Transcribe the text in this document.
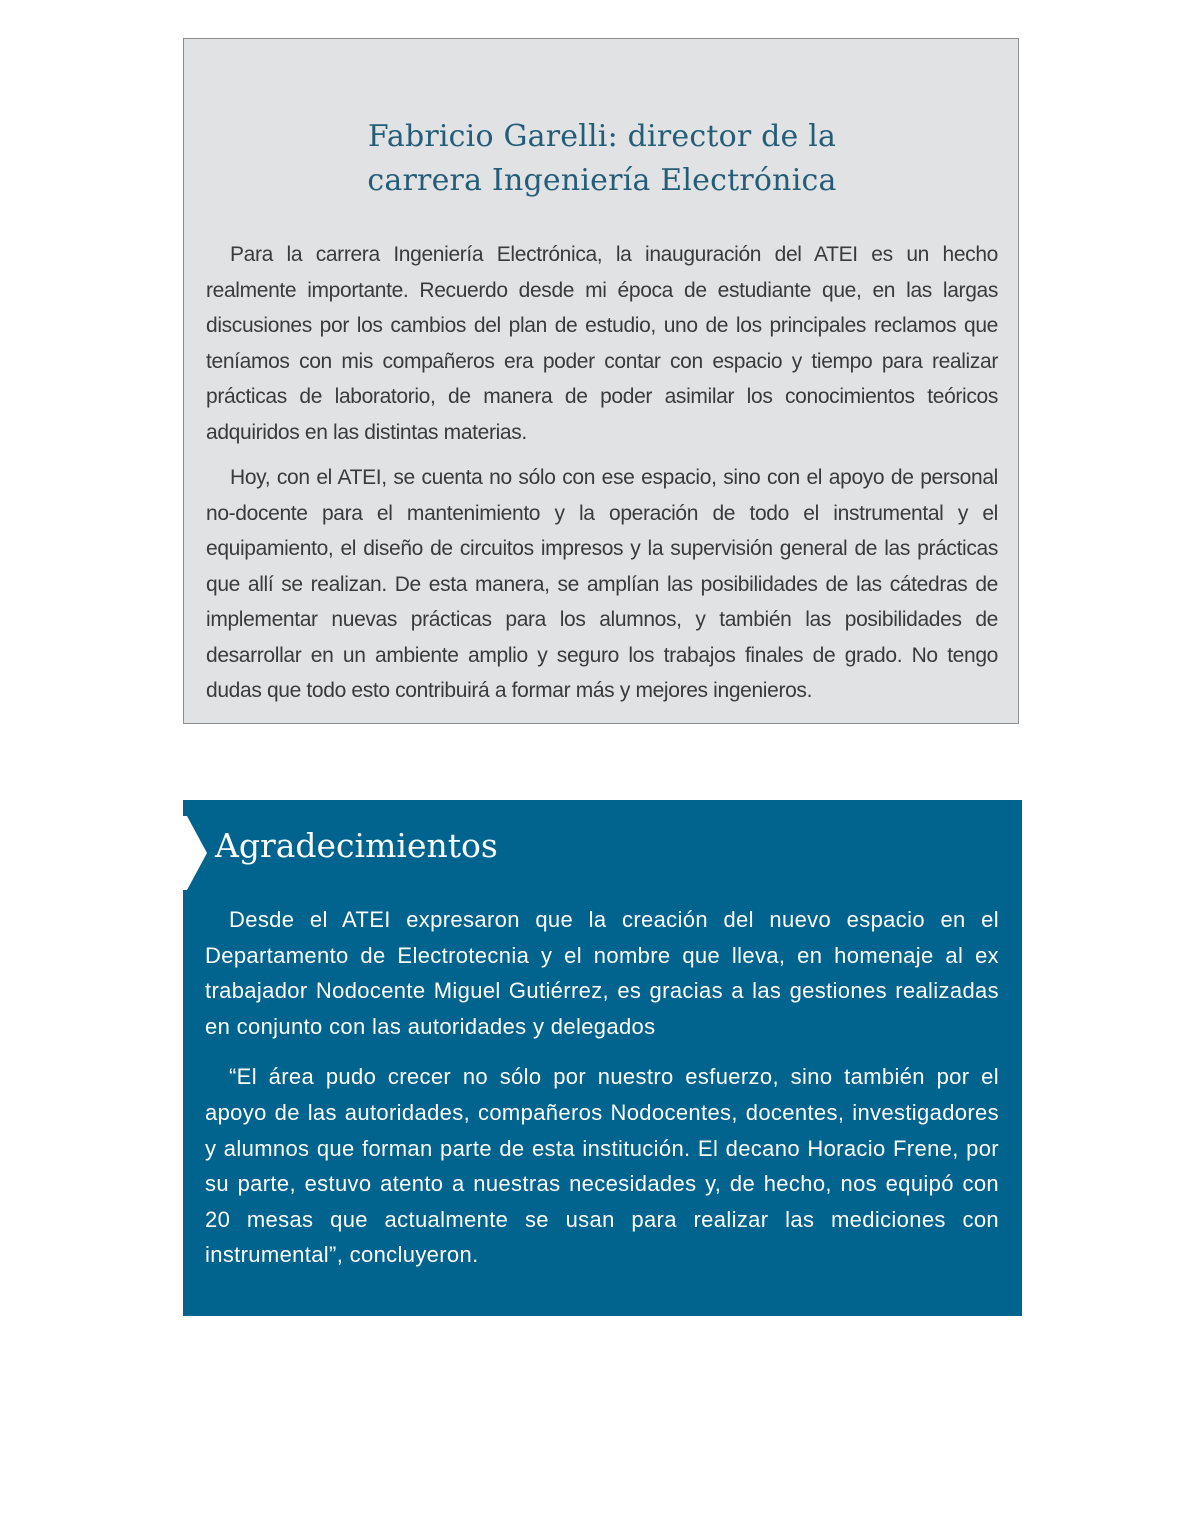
Fabricio Garelli: director de la
carrera Ingeniería Electrónica

Para la carrera Ingeniería Electrónica, la inauguración del ATEI es un hecho realmente importante. Recuerdo desde mi época de estudiante que, en las largas discusiones por los cambios del plan de estudio, uno de los principales reclamos que teníamos con mis compañeros era poder contar con espacio y tiempo para realizar prácticas de laboratorio, de manera de poder asimilar los conocimientos teóricos adquiridos en las distintas materias.

Hoy, con el ATEI, se cuenta no sólo con ese espacio, sino con el apoyo de personal no-docente para el mantenimiento y la operación de todo el instrumental y el equipamiento, el diseño de circuitos impresos y la supervisión general de las prácticas que allí se realizan. De esta manera, se amplían las posibilidades de las cátedras de implementar nuevas prácticas para los alumnos, y también las posibilidades de desarrollar en un ambiente amplio y seguro los trabajos finales de grado. No tengo dudas que todo esto contribuirá a formar más y mejores ingenieros.

Agradecimientos

Desde el ATEI expresaron que la creación del nuevo espacio en el Departamento de Electrotecnia y el nombre que lleva, en homenaje al ex trabajador Nodocente Miguel Gutiérrez, es gracias a las gestiones realizadas en conjunto con las autoridades y delegados

“El área pudo crecer no sólo por nuestro esfuerzo, sino también por el apoyo de las autoridades, compañeros Nodocentes, docentes, investigadores y alumnos que forman parte de esta institución. El decano Horacio Frene, por su parte, estuvo atento a nuestras necesidades y, de hecho, nos equipó con 20 mesas que actualmente se usan para realizar las mediciones con instrumental”, concluyeron.
